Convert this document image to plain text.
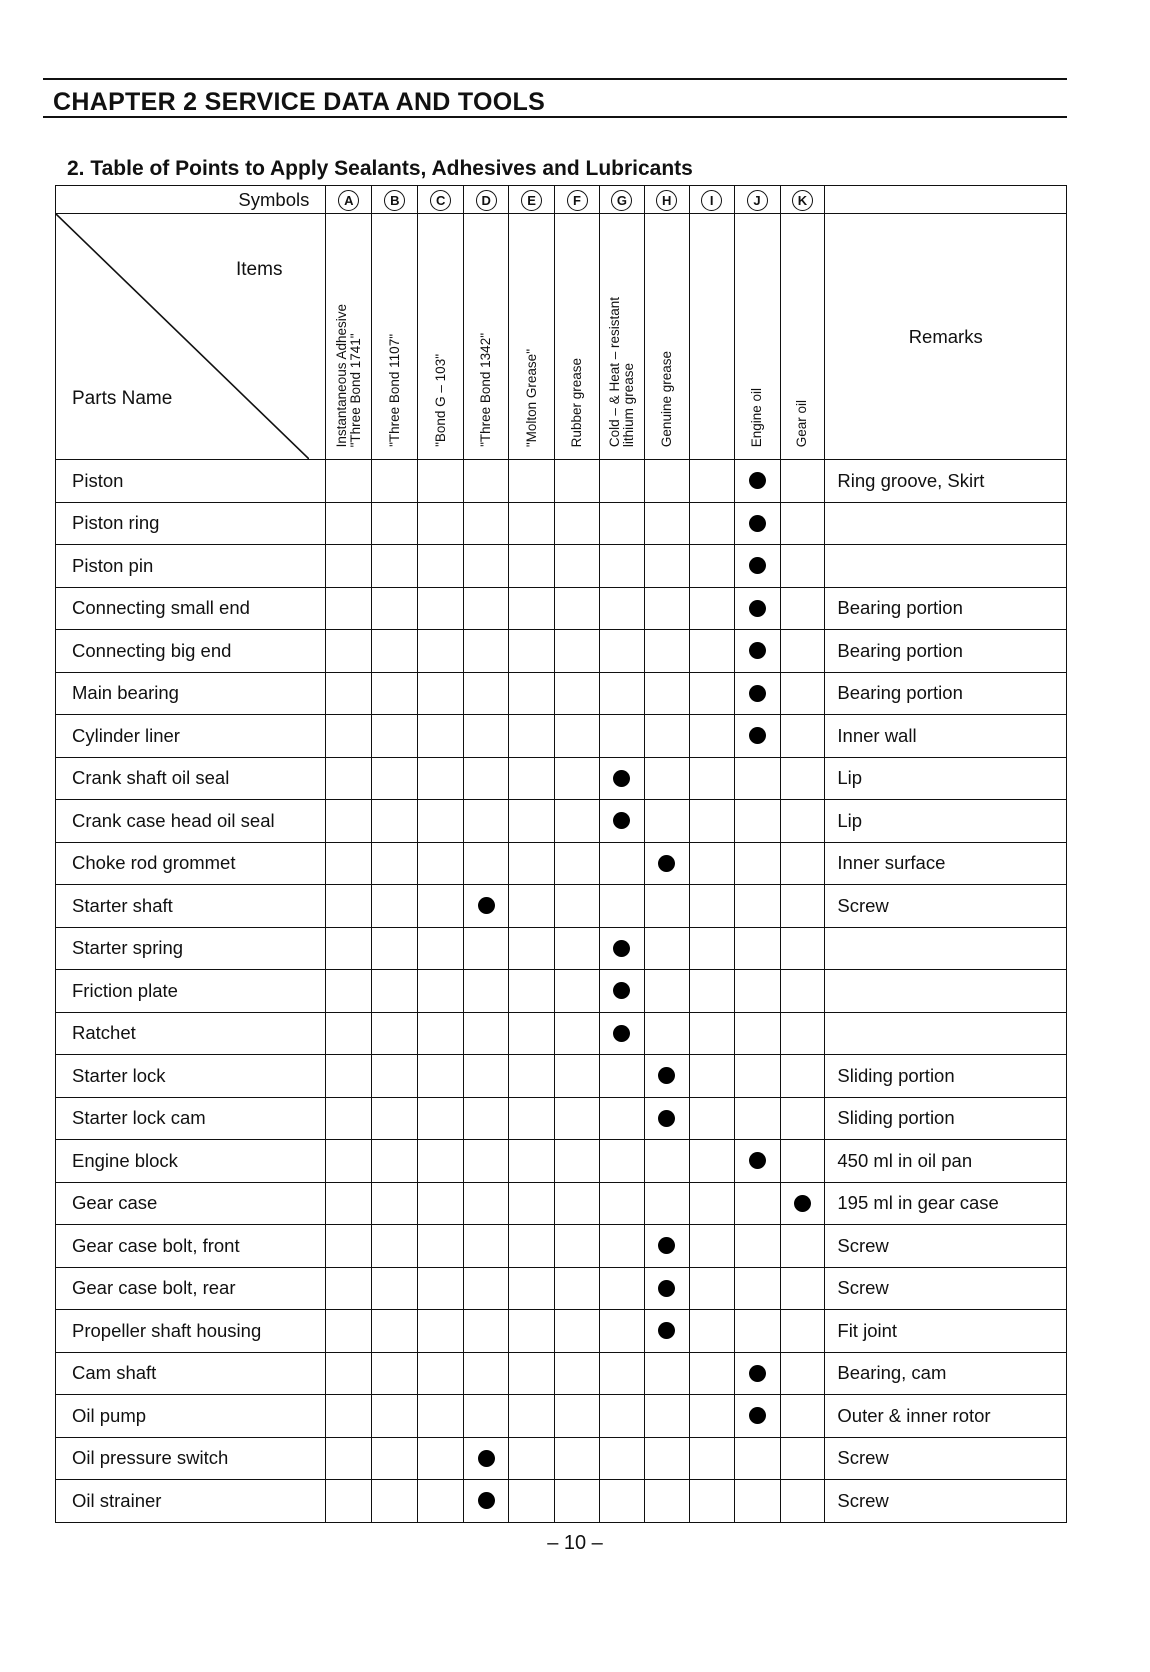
CHAPTER 2 SERVICE DATA AND TOOLS
2. Table of Points to Apply Sealants, Adhesives and Lubricants
Symbols	A	B	C	D	E	F	G	H	I	J	K	

Items
Parts Name	Instantaneous Adhesive
"Three Bond 1741"	"Three Bond 1107"	"Bond G – 103"	"Three Bond 1342"	"Molton Grease"	Rubber grease	Cold – & Heat – resistant
lithium grease	Genuine grease		Engine oil	Gear oil	Remarks
Piston												Ring groove, Skirt
Piston ring										

Piston pin										

Connecting small end												Bearing portion
Connecting big end												Bearing portion
Main bearing												Bearing portion
Cylinder liner												Inner wall
Crank shaft oil seal												Lip
Crank case head oil seal												Lip
Choke rod grommet												Inner surface
Starter shaft												Screw
Starter spring							

Friction plate							

Ratchet							

Starter lock												Sliding portion
Starter lock cam												Sliding portion
Engine block												450 ml in oil pan
Gear case												195 ml in gear case
Gear case bolt, front												Screw
Gear case bolt, rear												Screw
Propeller shaft housing												Fit joint
Cam shaft												Bearing, cam
Oil pump												Outer & inner rotor
Oil pressure switch												Screw
Oil strainer												Screw
– 10 –
